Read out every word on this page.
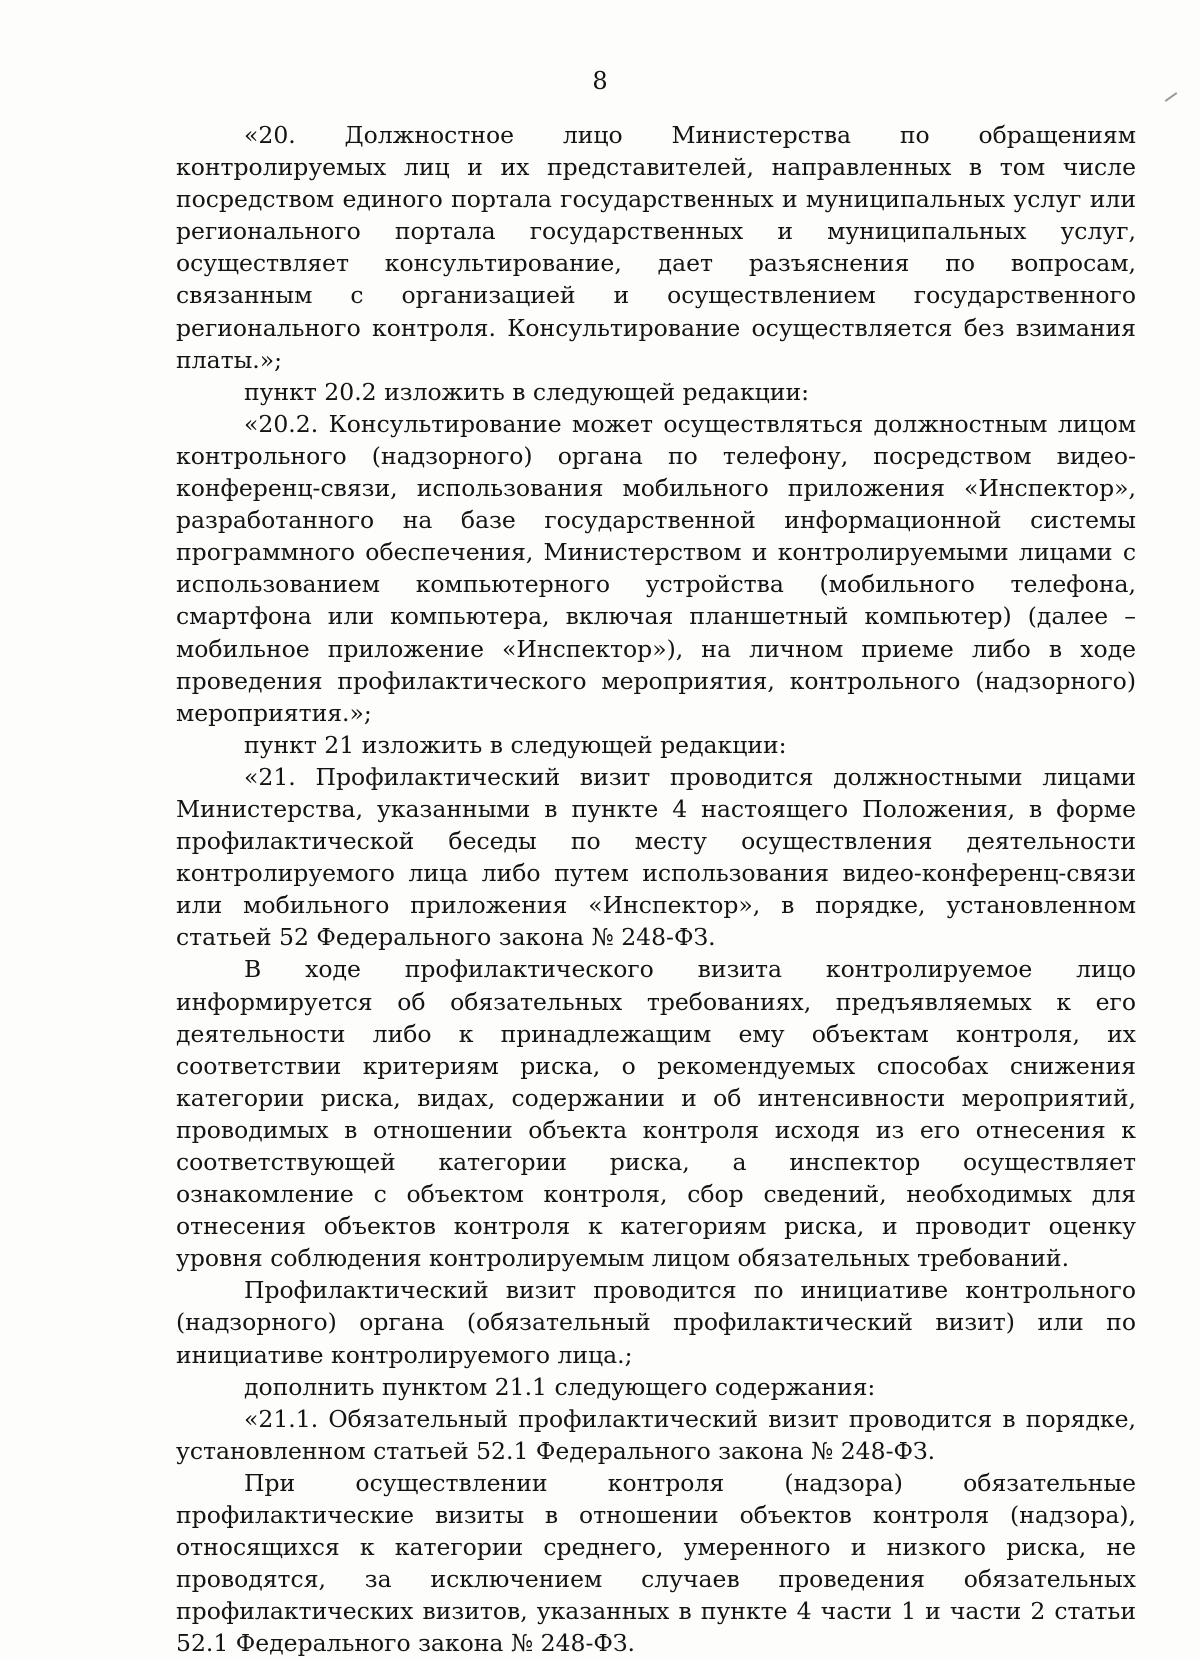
8

«20. Должностное лицо Министерства по обращениям контролируемых лиц и их представителей, направленных в том числе посредством единого портала государственных и муниципальных услуг или регионального портала государственных и муниципальных услуг, осуществляет консультирование, дает разъяснения по вопросам, связанным с организацией и осуществлением государственного регионального контроля. Консультирование осуществляется без взимания платы.»;

пункт 20.2 изложить в следующей редакции:

«20.2. Консультирование может осуществляться должностным лицом контрольного (надзорного) органа по телефону, посредством видео-конференц-связи, использования мобильного приложения «Инспектор», разработанного на базе государственной информационной системы программного обеспечения, Министерством и контролируемыми лицами с использованием компьютерного устройства (мобильного телефона, смартфона или компьютера, включая планшетный компьютер) (далее – мобильное приложение «Инспектор»), на личном приеме либо в ходе проведения профилактического мероприятия, контрольного (надзорного) мероприятия.»;

пункт 21 изложить в следующей редакции:

«21. Профилактический визит проводится должностными лицами Министерства, указанными в пункте 4 настоящего Положения, в форме профилактической беседы по месту осуществления деятельности контролируемого лица либо путем использования видео-конференц-связи или мобильного приложения «Инспектор», в порядке, установленном статьей 52 Федерального закона № 248-ФЗ.

В ходе профилактического визита контролируемое лицо информируется об обязательных требованиях, предъявляемых к его деятельности либо к принадлежащим ему объектам контроля, их соответствии критериям риска, о рекомендуемых способах снижения категории риска, видах, содержании и об интенсивности мероприятий, проводимых в отношении объекта контроля исходя из его отнесения к соответствующей категории риска, а инспектор осуществляет ознакомление с объектом контроля, сбор сведений, необходимых для отнесения объектов контроля к категориям риска, и проводит оценку уровня соблюдения контролируемым лицом обязательных требований.

Профилактический визит проводится по инициативе контрольного (надзорного) органа (обязательный профилактический визит) или по инициативе контролируемого лица.;

дополнить пунктом 21.1 следующего содержания:

«21.1. Обязательный профилактический визит проводится в порядке, установленном статьей 52.1 Федерального закона № 248-ФЗ.

При осуществлении контроля (надзора) обязательные профилактические визиты в отношении объектов контроля (надзора), относящихся к категории среднего, умеренного и низкого риска, не проводятся, за исключением случаев проведения обязательных профилактических визитов, указанных в пункте 4 части 1 и части 2 статьи 52.1 Федерального закона № 248-ФЗ.
